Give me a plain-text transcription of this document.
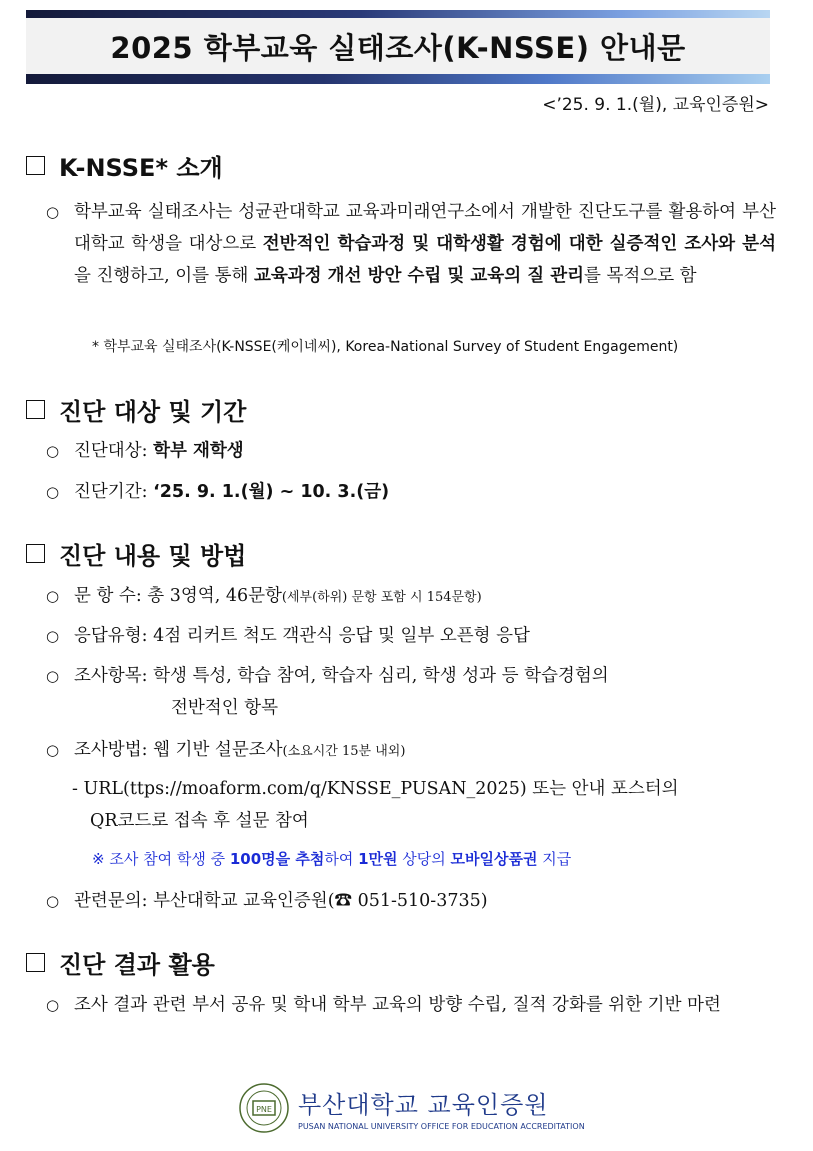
2025 학부교육 실태조사(K-NSSE) 안내문
<’25. 9. 1.(월), 교육인증원>
K-NSSE* 소개
○ 학부교육 실태조사는 성균관대학교 교육과미래연구소에서 개발한 진단도구를 활용하여 부산대학교 학생을 대상으로 전반적인 학습과정 및 대학생활 경험에 대한 실증적인 조사와 분석을 진행하고, 이를 통해 교육과정 개선 방안 수립 및 교육의 질 관리를 목적으로 함
* 학부교육 실태조사(K-NSSE(케이네씨), Korea-National Survey of Student Engagement)
진단 대상 및 기간
○ 진단대상: 학부 재학생
○ 진단기간: ‘25. 9. 1.(월) ~ 10. 3.(금)
진단 내용 및 방법
○ 문 항 수: 총 3영역, 46문항(세부(하위) 문항 포함 시 154문항)
○ 응답유형: 4점 리커트 척도 객관식 응답 및 일부 오픈형 응답
○ 조사항목: 학생 특성, 학습 참여, 학습자 심리, 학생 성과 등 학습경험의
전반적인 항목
○ 조사방법: 웹 기반 설문조사(소요시간 15분 내외)
- URL(ttps://moaform.com/q/KNSSE_PUSAN_2025) 또는 안내 포스터의
QR코드로 접속 후 설문 참여
※ 조사 참여 학생 중 100명을 추첨하여 1만원 상당의 모바일상품권 지급
○ 관련문의: 부산대학교 교육인증원(☎ 051-510-3735)
진단 결과 활용
○ 조사 결과 관련 부서 공유 및 학내 학부 교육의 방향 수립, 질적 강화를 위한 기반 마련
PNE 부산대학교 교육인증원
PUSAN NATIONAL UNIVERSITY OFFICE FOR EDUCATION ACCREDITATION
